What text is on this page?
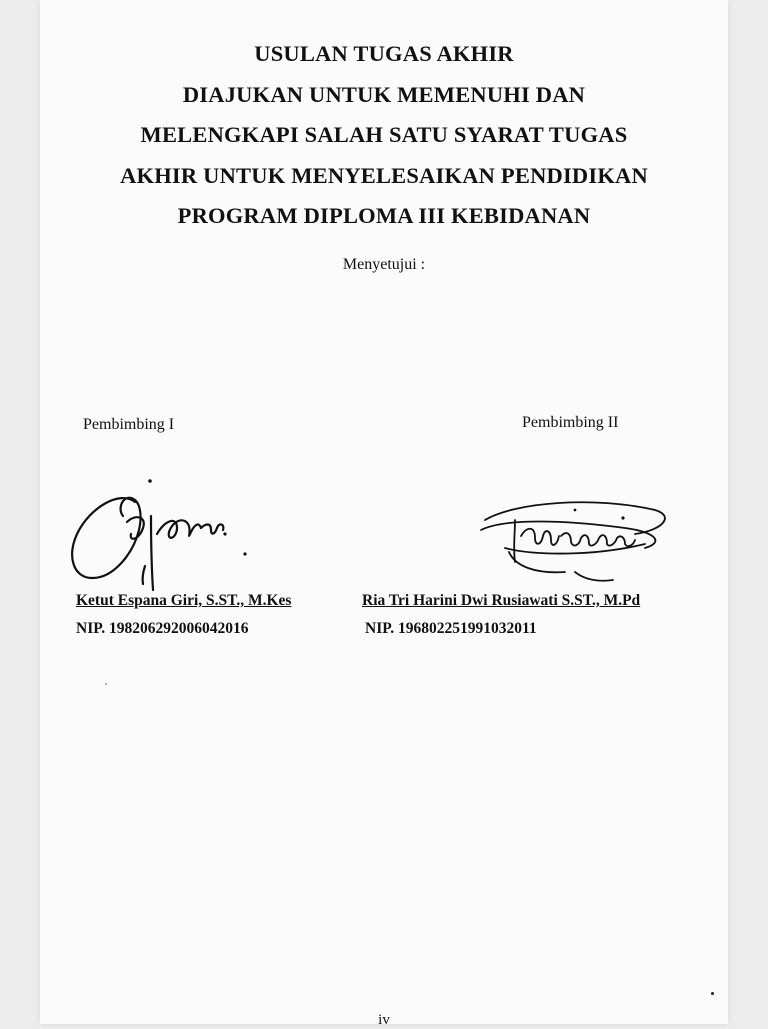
USULAN TUGAS AKHIR
DIAJUKAN UNTUK MEMENUHI DAN
MELENGKAPI SALAH SATU SYARAT TUGAS
AKHIR UNTUK MENYELESAIKAN PENDIDIKAN
PROGRAM DIPLOMA III KEBIDANAN
Menyetujui :
Pembimbing I	Pembimbing II
Ketut Espana Giri, S.ST., M.Kes
NIP. 198206292006042016
Ria Tri Harini Dwi Rusiawati S.ST., M.Pd
NIP. 196802251991032011
iv
